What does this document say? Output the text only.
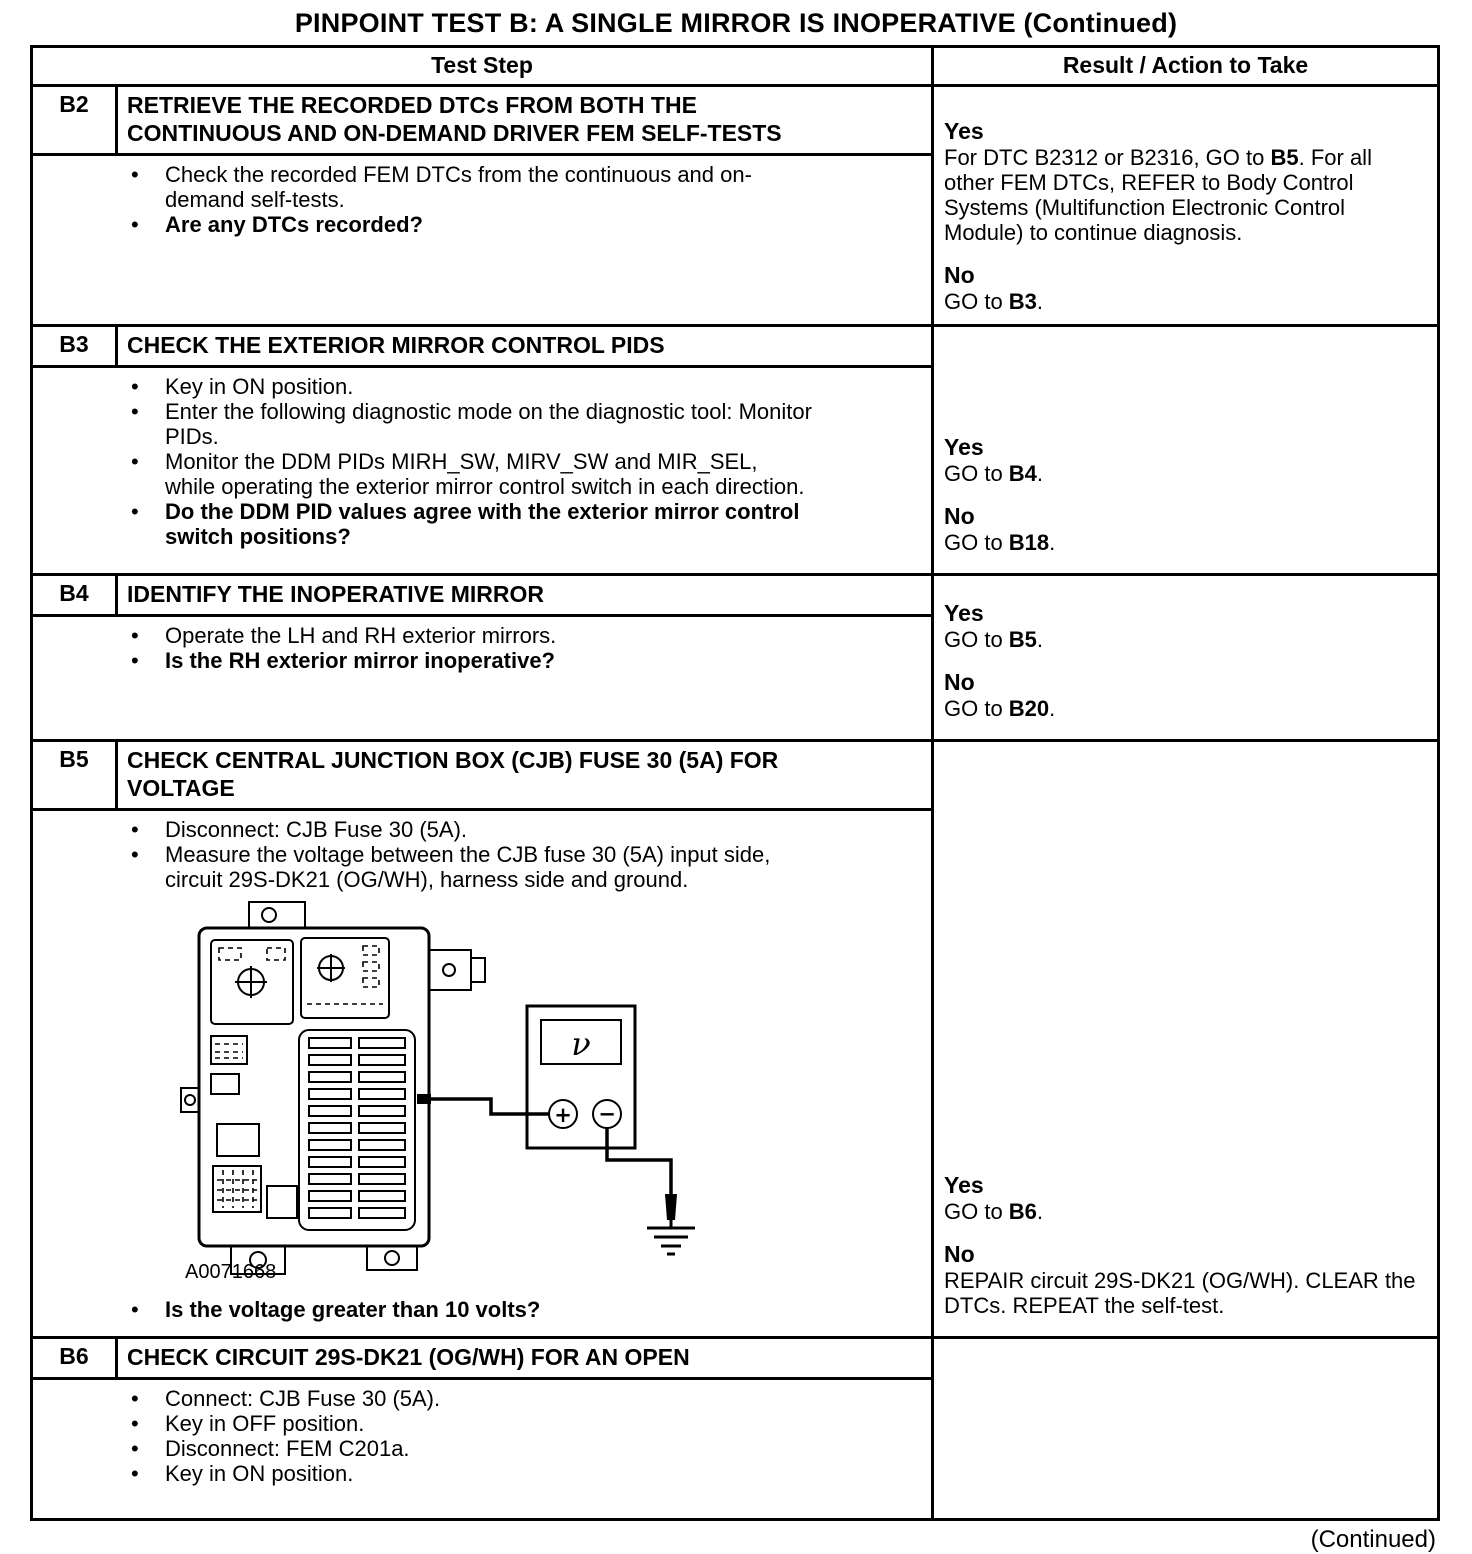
PINPOINT TEST B: A SINGLE MIRROR IS INOPERATIVE (Continued)
Test Step	Result / Action to Take
B2	RETRIEVE THE RECORDED DTCs FROM BOTH THE CONTINUOUS AND ON-DEMAND DRIVER FEM SELF-TESTS
• Check the recorded FEM DTCs from the continuous and on-demand self-tests.
• Are any DTCs recorded?
Yes
For DTC B2312 or B2316, GO to B5. For all other FEM DTCs, REFER to Body Control Systems (Multifunction Electronic Control Module) to continue diagnosis.
No
GO to B3.
B3	CHECK THE EXTERIOR MIRROR CONTROL PIDS
• Key in ON position.
• Enter the following diagnostic mode on the diagnostic tool: Monitor PIDs.
• Monitor the DDM PIDs MIRH_SW, MIRV_SW and MIR_SEL, while operating the exterior mirror control switch in each direction.
• Do the DDM PID values agree with the exterior mirror control switch positions?
Yes
GO to B4.
No
GO to B18.
B4	IDENTIFY THE INOPERATIVE MIRROR
• Operate the LH and RH exterior mirrors.
• Is the RH exterior mirror inoperative?
Yes
GO to B5.
No
GO to B20.
B5	CHECK CENTRAL JUNCTION BOX (CJB) FUSE 30 (5A) FOR VOLTAGE
• Disconnect: CJB Fuse 30 (5A).
• Measure the voltage between the CJB fuse 30 (5A) input side, circuit 29S-DK21 (OG/WH), harness side and ground.
ν
+ −
A0071668
• Is the voltage greater than 10 volts?
Yes
GO to B6.
No
REPAIR circuit 29S-DK21 (OG/WH). CLEAR the DTCs. REPEAT the self-test.
B6	CHECK CIRCUIT 29S-DK21 (OG/WH) FOR AN OPEN
• Connect: CJB Fuse 30 (5A).
• Key in OFF position.
• Disconnect: FEM C201a.
• Key in ON position.
(Continued)
